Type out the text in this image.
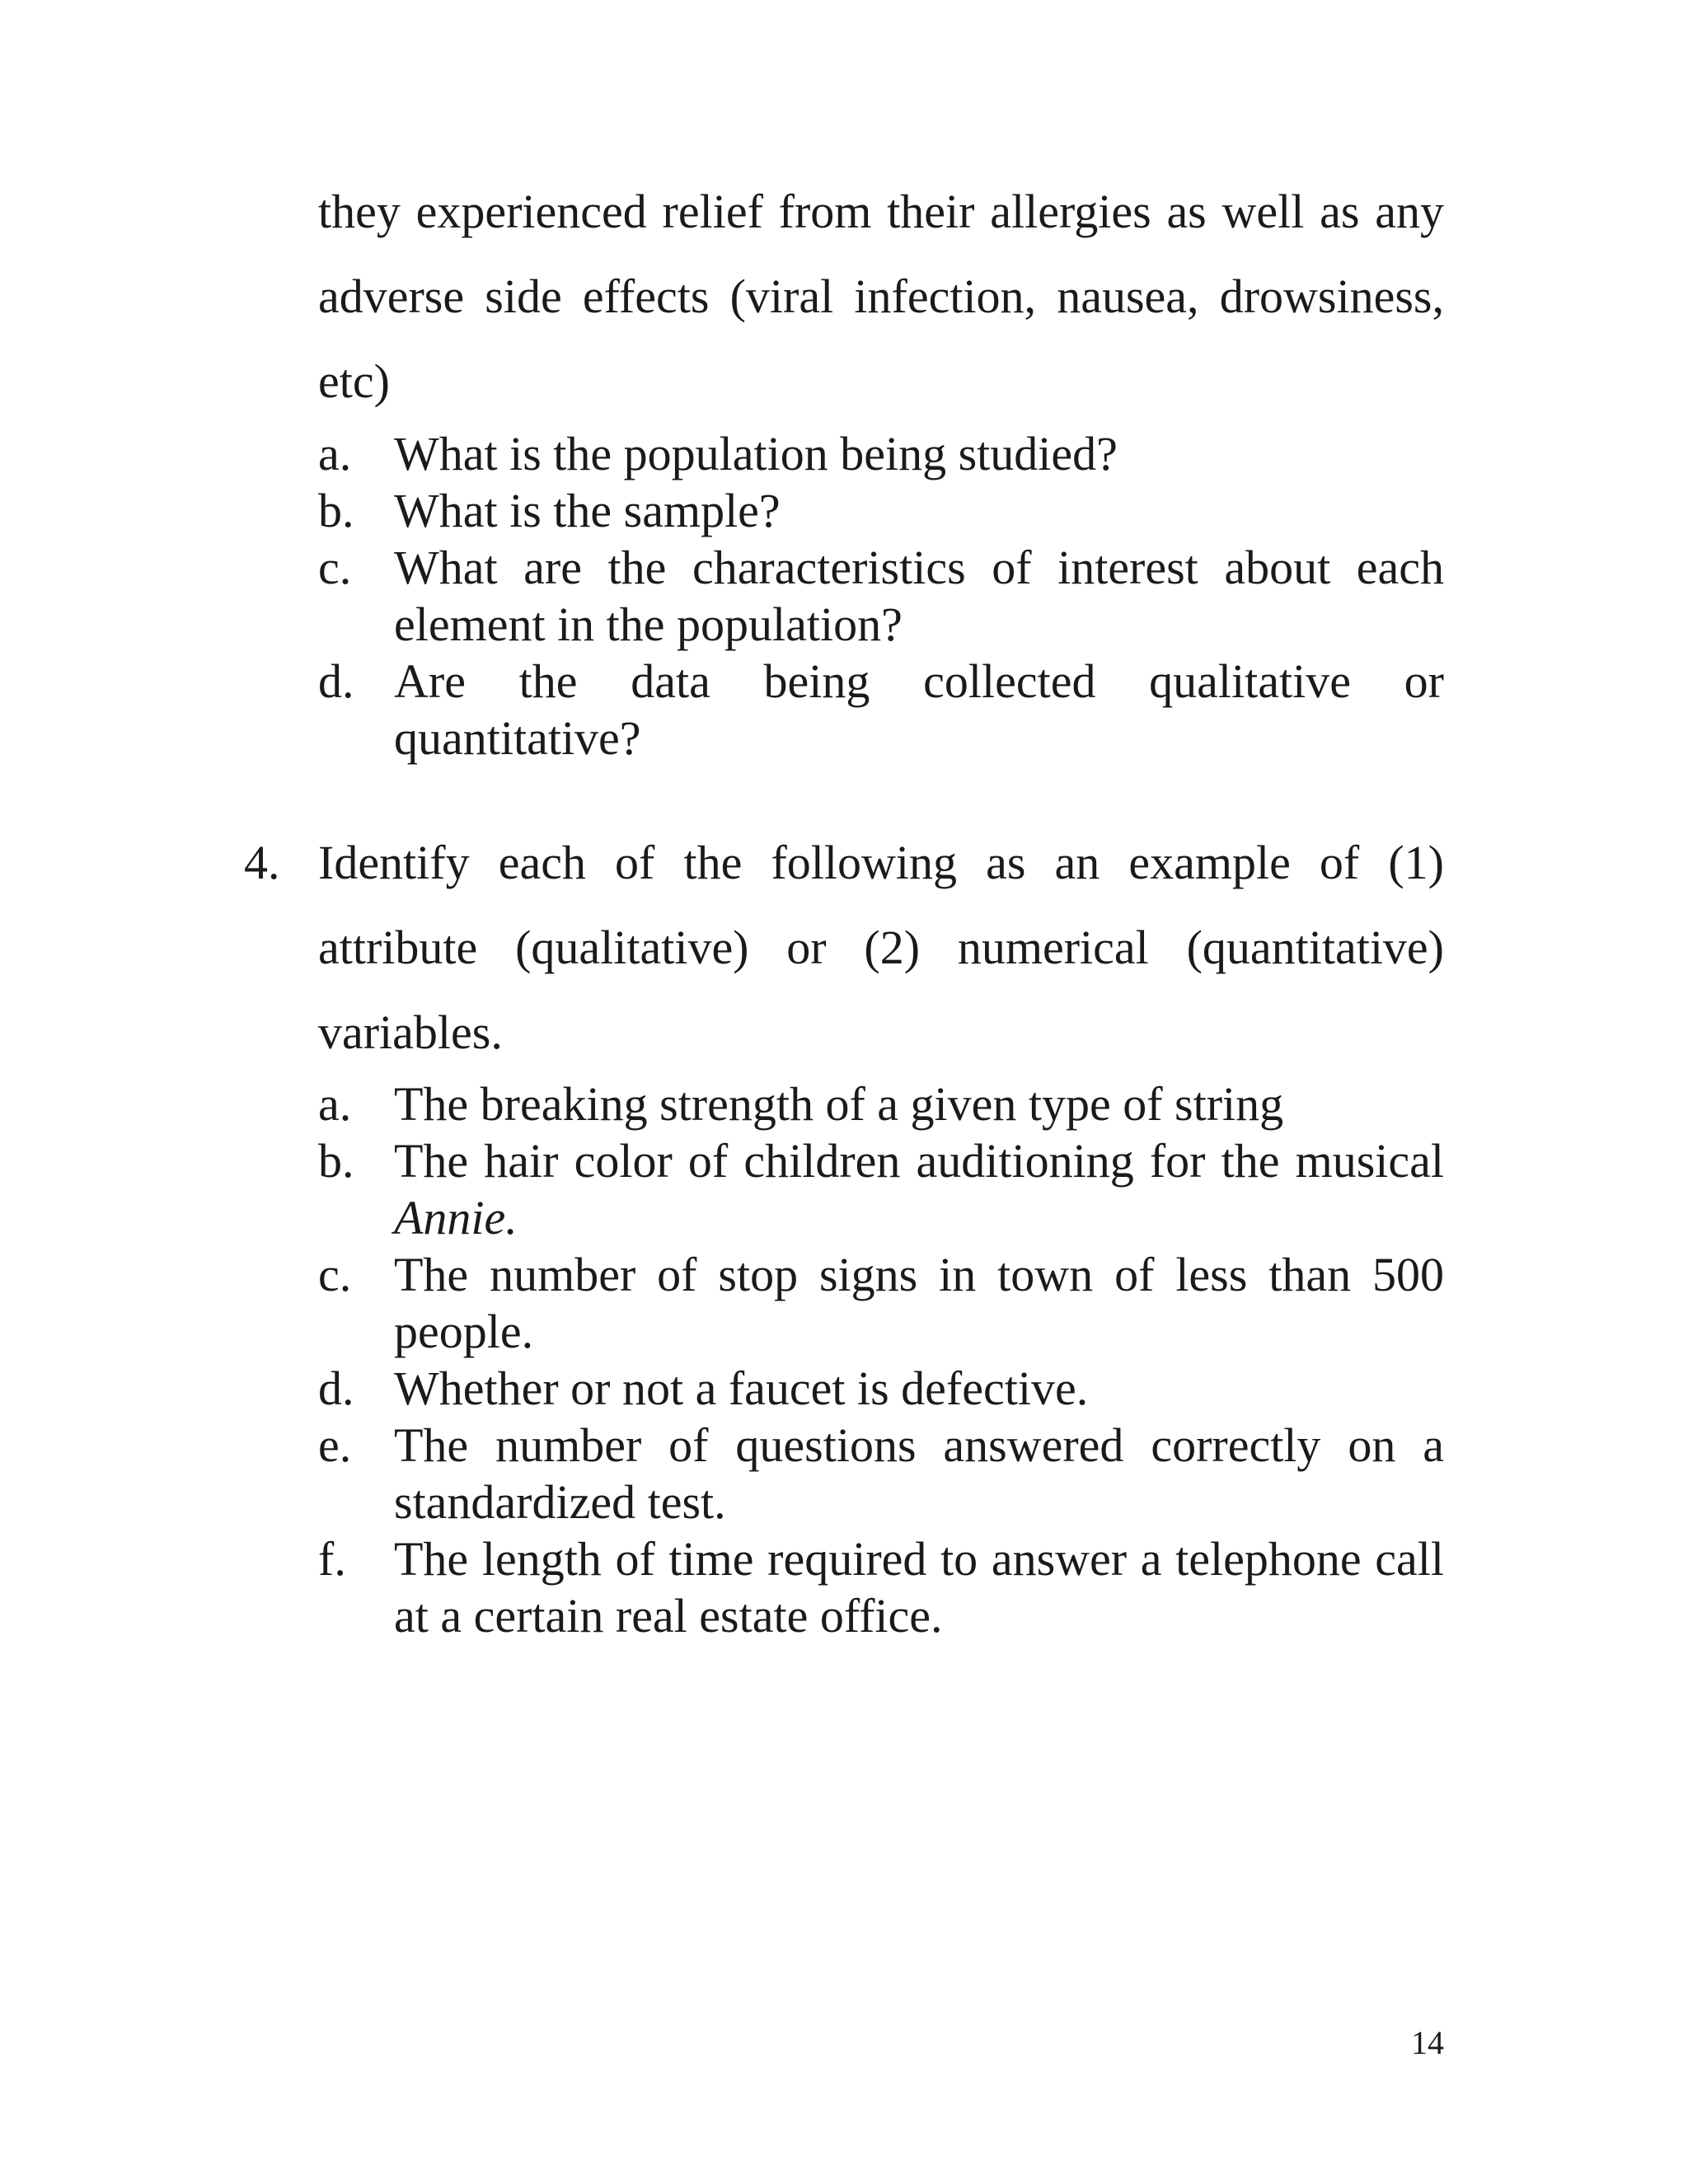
they experienced relief from their allergies as well as any adverse side effects (viral infection, nausea, drowsiness, etc)

a. What is the population being studied?
b. What is the sample?
c. What are the characteristics of interest about each element in the population?
d. Are the data being collected qualitative or quantitative?
4. Identify each of the following as an example of (1) attribute (qualitative) or (2) numerical (quantitative) variables.
a. The breaking strength of a given type of string
b. The hair color of children auditioning for the musical Annie.
c. The number of stop signs in town of less than 500 people.
d. Whether or not a faucet is defective.
e. The number of questions answered correctly on a standardized test.
f.	The length of time required to answer a telephone call at a certain real estate office.
14
